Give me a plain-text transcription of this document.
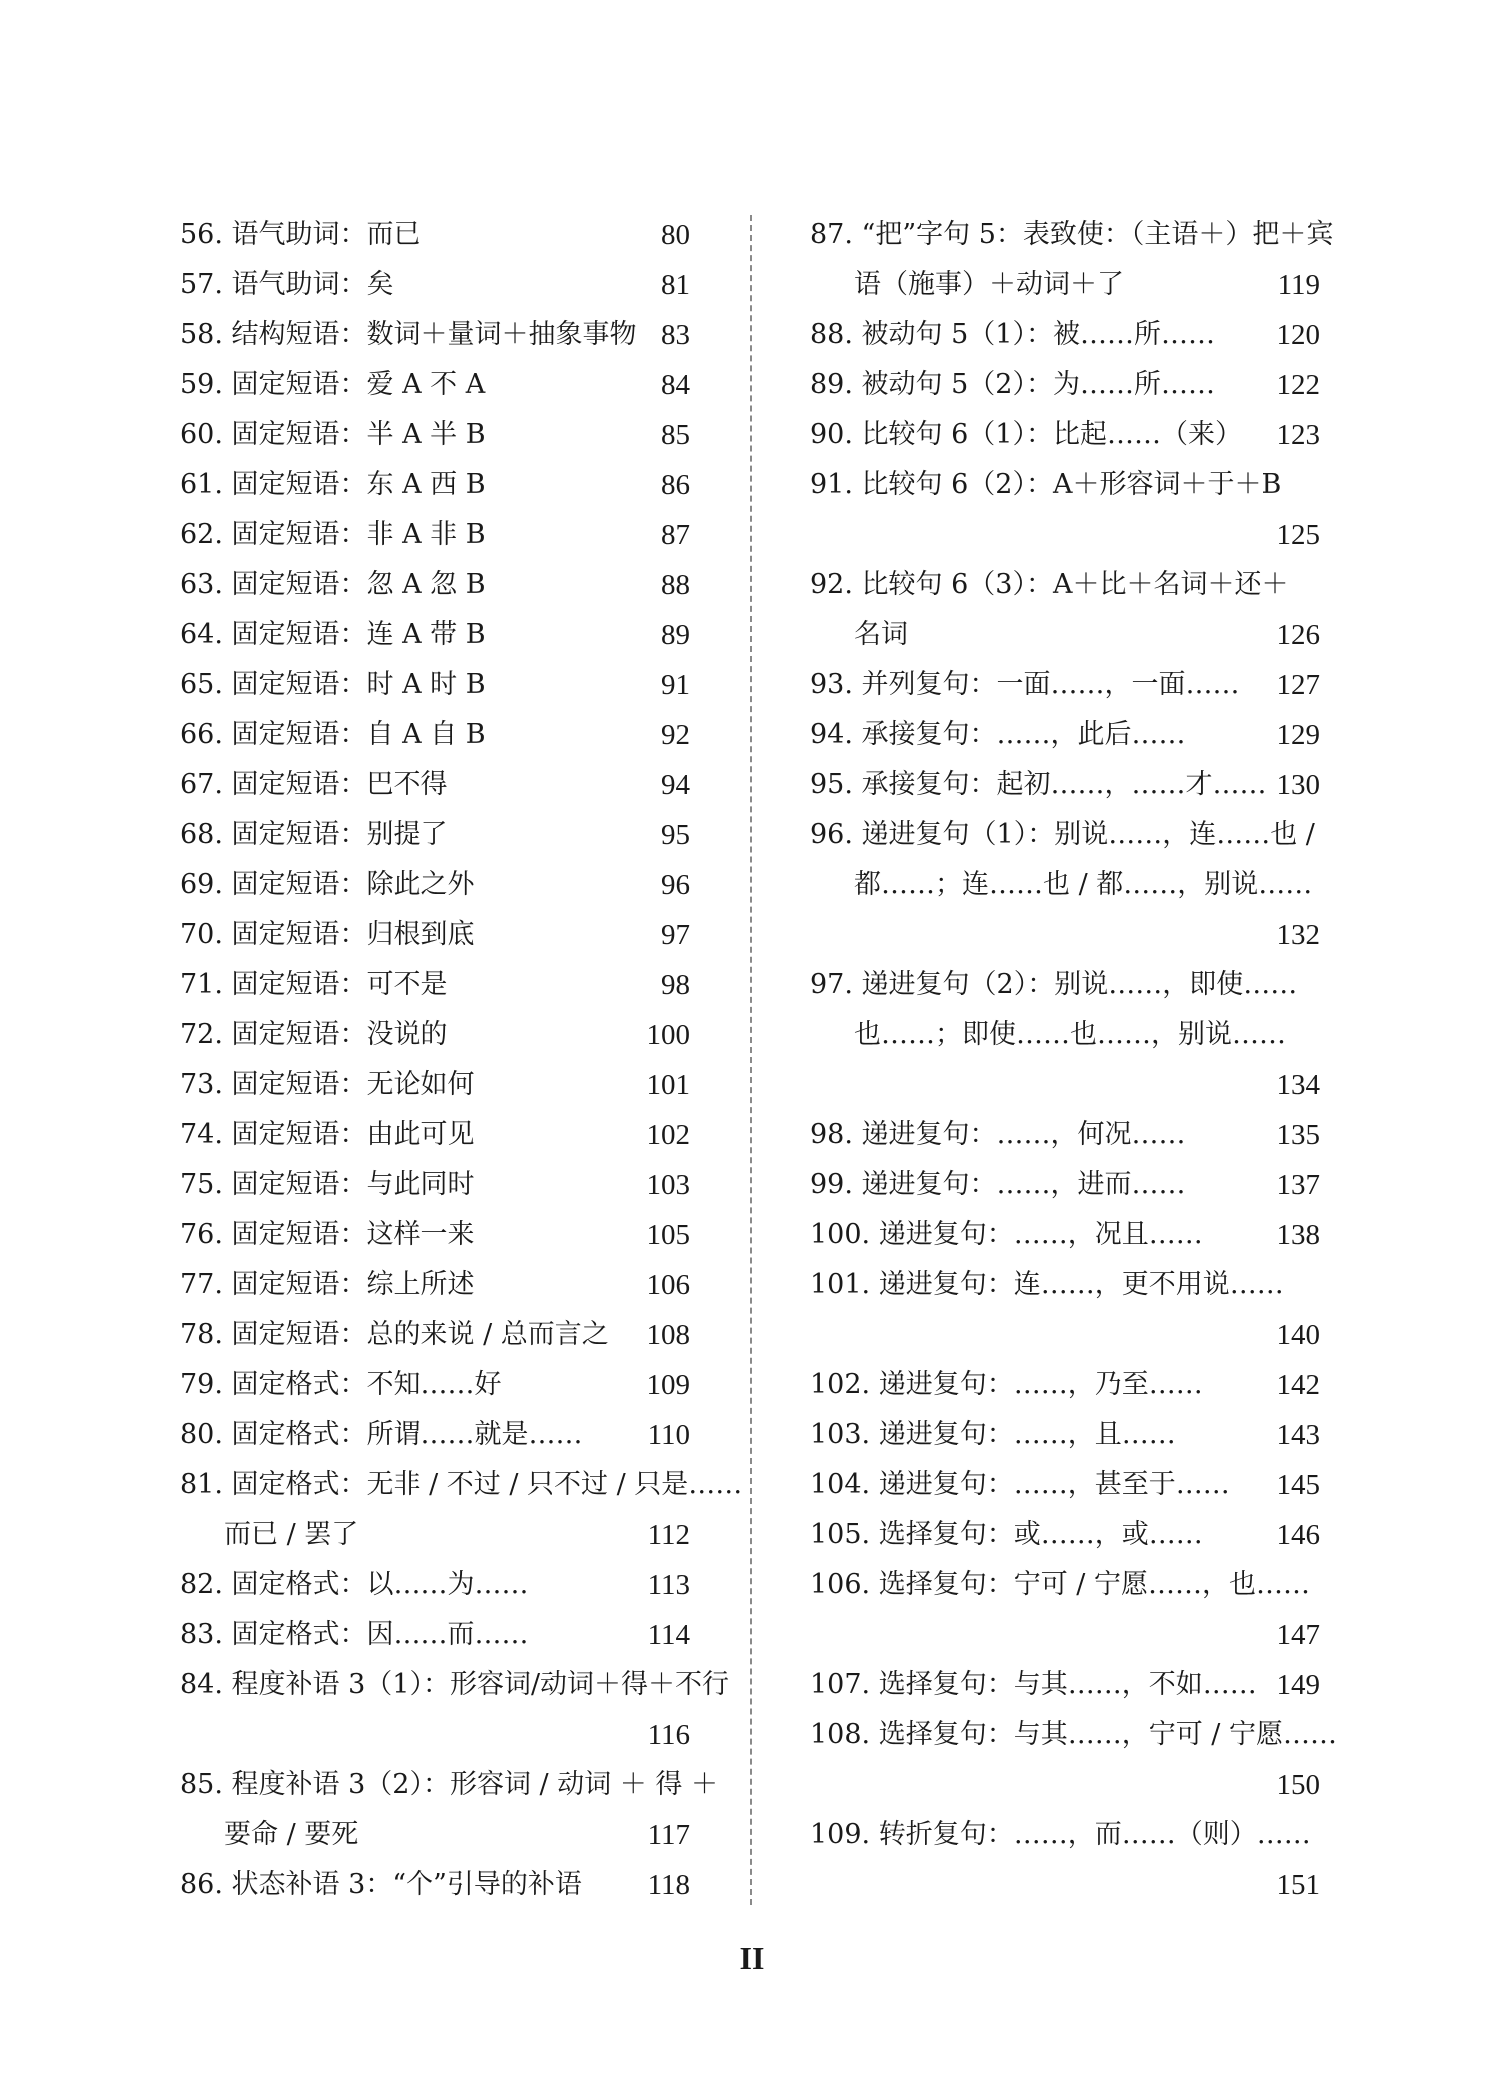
56. 语气助词：而已	80
57. 语气助词：矣	81
58. 结构短语：数词＋量词＋抽象事物 83
59. 固定短语：爱 A 不 A	84
60. 固定短语：半 A 半 B	85
61. 固定短语：东 A 西 B	86
62. 固定短语：非 A 非 B	87
63. 固定短语：忽 A 忽 B	88
64. 固定短语：连 A 带 B	89
65. 固定短语：时 A 时 B	91
66. 固定短语：自 A 自 B	92
67. 固定短语：巴不得	94
68. 固定短语：别提了	95
69. 固定短语：除此之外	96
70. 固定短语：归根到底	97
71. 固定短语：可不是	98
72. 固定短语：没说的	100
73. 固定短语：无论如何	101
74. 固定短语：由此可见	102
75. 固定短语：与此同时	103
76. 固定短语：这样一来	105
77. 固定短语：综上所述	106
78. 固定短语：总的来说 / 总而言之 108
79. 固定格式：不知……好	109
80. 固定格式：所谓……就是…… 110
81. 固定格式：无非 / 不过 / 只不过 / 只是……
而已 / 罢了	112
82. 固定格式：以……为……	113
83. 固定格式：因……而……	114
84. 程度补语 3（1）：形容词/动词＋得＋不行
116
85. 程度补语 3（2）：形容词 / 动词 ＋ 得 ＋
要命 / 要死	117
86. 状态补语 3：“个”引导的补语 118
87. “把”字句 5：表致使：（主语＋）把＋宾
语（施事）＋动词＋了	119
88. 被动句 5（1）：被……所…… 120
89. 被动句 5（2）：为……所…… 122
90. 比较句 6（1）：比起……（来） 123
91. 比较句 6（2）：A＋形容词＋于＋B
125
92. 比较句 6（3）：A＋比＋名词＋还＋
名词	126
93. 并列复句：一面……，一面…… 127
94. 承接复句：……，此后……	129
95. 承接复句：起初……，……才…… 130
96. 递进复句（1）：别说……，连……也 /
都……；连……也 / 都……，别说……
132
97. 递进复句（2）：别说……，即使……
也……；即使……也……，别说……
134
98. 递进复句：……，何况……	135
99. 递进复句：……，进而……	137
100. 递进复句：……，况且……	138
101. 递进复句：连……，更不用说……
140
102. 递进复句：……，乃至……	142
103. 递进复句：……，且……	143
104. 递进复句：……，甚至于…… 145
105. 选择复句：或……，或……	146
106. 选择复句：宁可 / 宁愿……，也……
147
107. 选择复句：与其……，不如…… 149
108. 选择复句：与其……，宁可 / 宁愿……
150
109. 转折复句：……，而……（则）……
151
II
